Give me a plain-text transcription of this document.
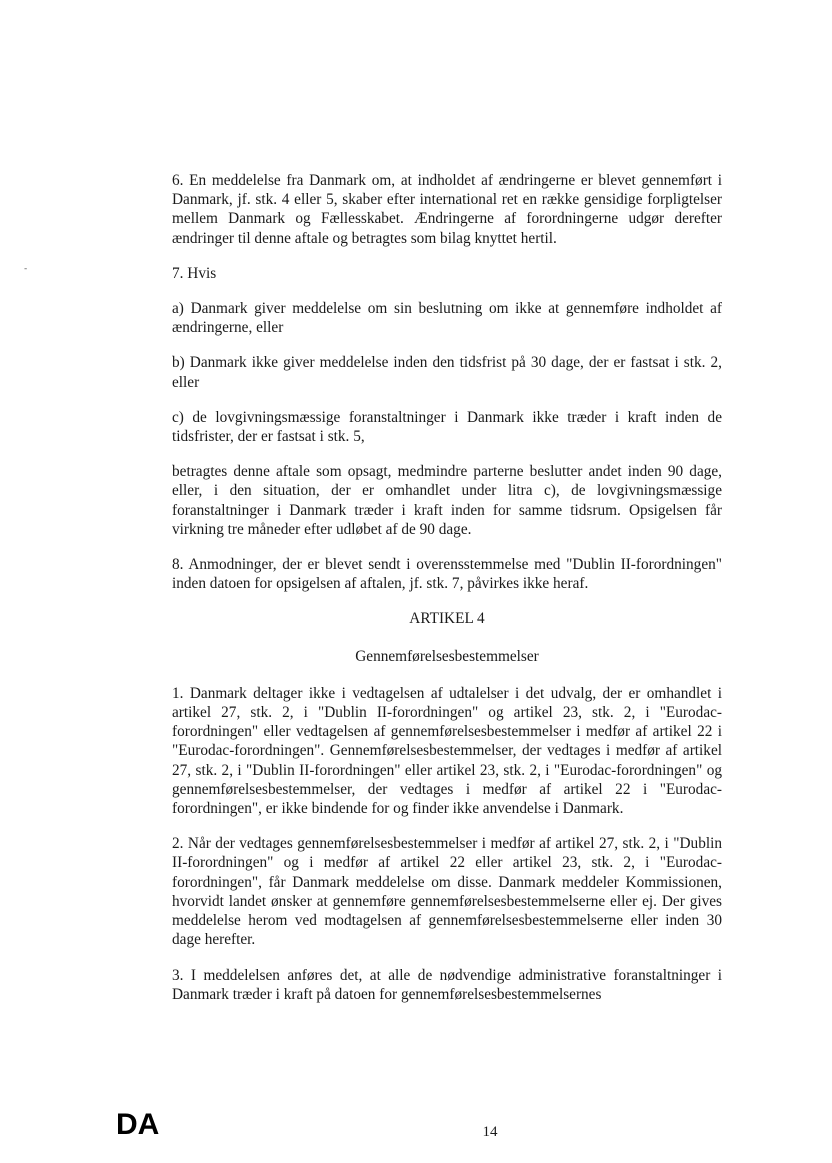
-

6. En meddelelse fra Danmark om, at indholdet af ændringerne er blevet gennemført i Danmark, jf. stk. 4 eller 5, skaber efter international ret en række gensidige forpligtelser mellem Danmark og Fællesskabet. Ændringerne af forordningerne udgør derefter ændringer til denne aftale og betragtes som bilag knyttet hertil.

7. Hvis

a) Danmark giver meddelelse om sin beslutning om ikke at gennemføre indholdet af ændringerne, eller

b) Danmark ikke giver meddelelse inden den tidsfrist på 30 dage, der er fastsat i stk. 2, eller

c) de lovgivningsmæssige foranstaltninger i Danmark ikke træder i kraft inden de tidsfrister, der er fastsat i stk. 5,

betragtes denne aftale som opsagt, medmindre parterne beslutter andet inden 90 dage, eller, i den situation, der er omhandlet under litra c), de lovgivningsmæssige foranstaltninger i Danmark træder i kraft inden for samme tidsrum. Opsigelsen får virkning tre måneder efter udløbet af de 90 dage.

8. Anmodninger, der er blevet sendt i overensstemmelse med "Dublin II-forordningen" inden datoen for opsigelsen af aftalen, jf. stk. 7, påvirkes ikke heraf.

ARTIKEL 4

Gennemførelsesbestemmelser

1. Danmark deltager ikke i vedtagelsen af udtalelser i det udvalg, der er omhandlet i artikel 27, stk. 2, i "Dublin II-forordningen" og artikel 23, stk. 2, i "Eurodac-forordningen" eller vedtagelsen af gennemførelsesbestemmelser i medfør af artikel 22 i "Eurodac-forordningen". Gennemførelsesbestemmelser, der vedtages i medfør af artikel 27, stk. 2, i "Dublin II-forordningen" eller artikel 23, stk. 2, i "Eurodac-forordningen" og gennemførelsesbestemmelser, der vedtages i medfør af artikel 22 i "Eurodac-forordningen", er ikke bindende for og finder ikke anvendelse i Danmark.

2. Når der vedtages gennemførelsesbestemmelser i medfør af artikel 27, stk. 2, i "Dublin II-forordningen" og i medfør af artikel 22 eller artikel 23, stk. 2, i "Eurodac-forordningen", får Danmark meddelelse om disse. Danmark meddeler Kommissionen, hvorvidt landet ønsker at gennemføre gennemførelsesbestemmelserne eller ej. Der gives meddelelse herom ved modtagelsen af gennemførelsesbestemmelserne eller inden 30 dage herefter.

3. I meddelelsen anføres det, at alle de nødvendige administrative foranstaltninger i Danmark træder i kraft på datoen for gennemførelsesbestemmelsernes

DA	14
